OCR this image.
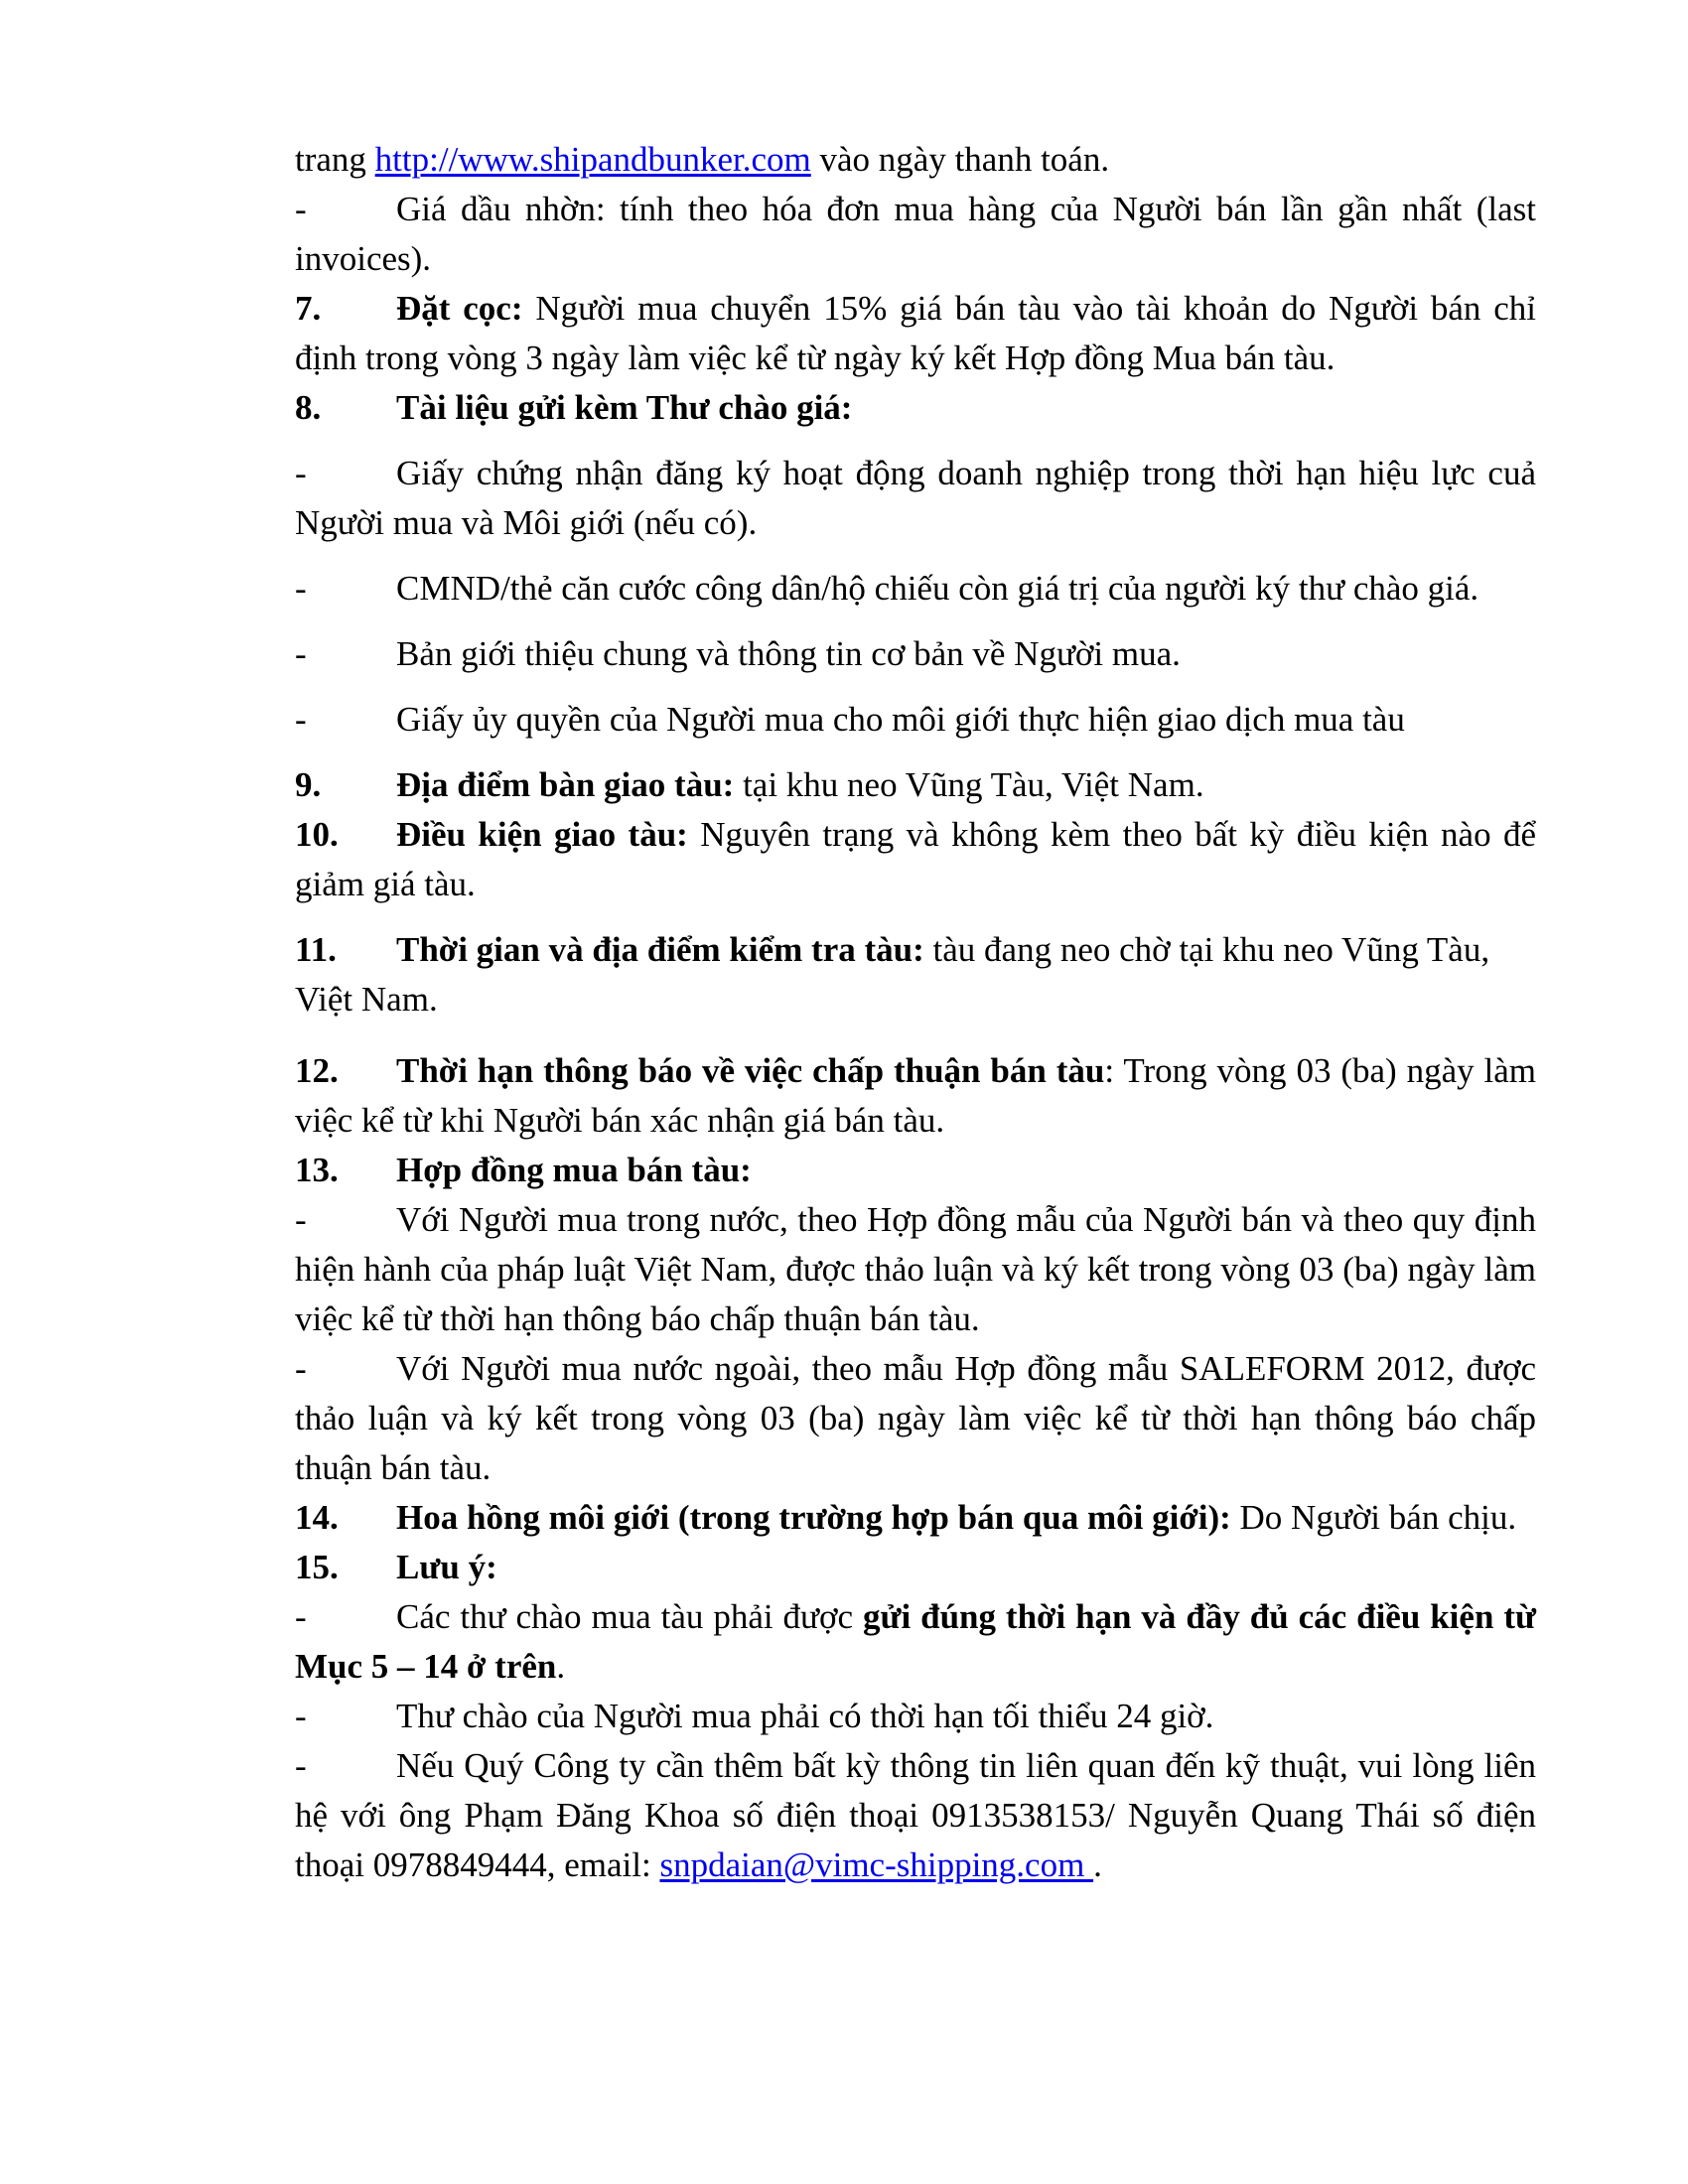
trang http://www.shipandbunker.com vào ngày thanh toán.

-	Giá dầu nhờn: tính theo hóa đơn mua hàng của Người bán lần gần nhất (last invoices).

7. Đặt cọc: Người mua chuyển 15% giá bán tàu vào tài khoản do Người bán chỉ định trong vòng 3 ngày làm việc kể từ ngày ký kết Hợp đồng Mua bán tàu.

8. Tài liệu gửi kèm Thư chào giá:

-	Giấy chứng nhận đăng ký hoạt động doanh nghiệp trong thời hạn hiệu lực cuả Người mua và Môi giới (nếu có).

-	CMND/thẻ căn cước công dân/hộ chiếu còn giá trị của người ký thư chào giá.

-	Bản giới thiệu chung và thông tin cơ bản về Người mua.

-	Giấy ủy quyền của Người mua cho môi giới thực hiện giao dịch mua tàu

9. Địa điểm bàn giao tàu: tại khu neo Vũng Tàu, Việt Nam.

10. Điều kiện giao tàu: Nguyên trạng và không kèm theo bất kỳ điều kiện nào để giảm giá tàu.

11. Thời gian và địa điểm kiểm tra tàu: tàu đang neo chờ tại khu neo Vũng Tàu, Việt Nam.

12. Thời hạn thông báo về việc chấp thuận bán tàu: Trong vòng 03 (ba) ngày làm việc kể từ khi Người bán xác nhận giá bán tàu.

13. Hợp đồng mua bán tàu:

-	Với Người mua trong nước, theo Hợp đồng mẫu của Người bán và theo quy định hiện hành của pháp luật Việt Nam, được thảo luận và ký kết trong vòng 03 (ba) ngày làm việc kể từ thời hạn thông báo chấp thuận bán tàu.

-	Với Người mua nước ngoài, theo mẫu Hợp đồng mẫu SALEFORM 2012, được thảo luận và ký kết trong vòng 03 (ba) ngày làm việc kể từ thời hạn thông báo chấp thuận bán tàu.

14. Hoa hồng môi giới (trong trường hợp bán qua môi giới): Do Người bán chịu.

15. Lưu ý:

-	Các thư chào mua tàu phải được gửi đúng thời hạn và đầy đủ các điều kiện từ Mục 5 – 14 ở trên.

-	Thư chào của Người mua phải có thời hạn tối thiểu 24 giờ.

-	Nếu Quý Công ty cần thêm bất kỳ thông tin liên quan đến kỹ thuật, vui lòng liên hệ với ông Phạm Đăng Khoa số điện thoại 0913538153/ Nguyễn Quang Thái số điện thoại 0978849444, email: snpdaian@vimc-shipping.com .
